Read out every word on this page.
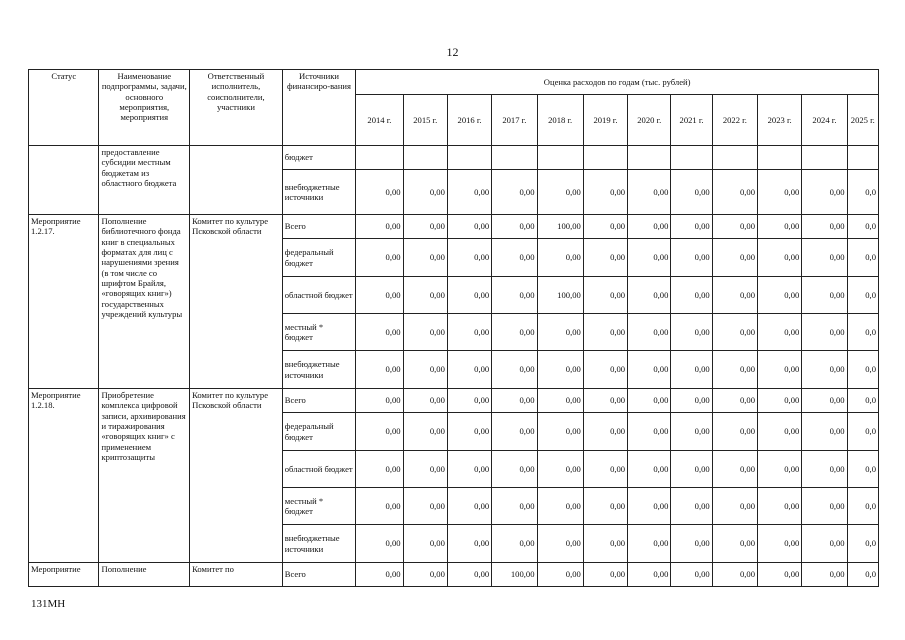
12
Статус	Наименование подпрограммы, задачи, основного мероприятия, мероприятия	Ответственный исполнитель, соисполнители, участники	Источники финансиро-вания	Оценка расходов по годам (тыс. рублей)											
				2014 г.	2015 г.	2016 г.	2017 г.	2018 г.	2019 г.	2020 г.	2021 г.	2022 г.	2023 г.	2024 г.	2025 г.
	предоставление субсидии местным бюджетам из областного бюджета		бюджет												
			внебюджетные источники	0,00	0,00	0,00	0,00	0,00	0,00	0,00	0,00	0,00	0,00	0,00	0,0
Мероприятие 1.2.17.	Пополнение библиотечного фонда книг в специальных форматах для лиц с нарушениями зрения (в том числе со шрифтом Брайля, «говорящих книг») государственных учреждений культуры	Комитет по культуре Псковской области	Всего	0,00	0,00	0,00	0,00	100,00	0,00	0,00	0,00	0,00	0,00	0,00	0,0
			федеральный бюджет	0,00	0,00	0,00	0,00	0,00	0,00	0,00	0,00	0,00	0,00	0,00	0,0
			областной бюджет	0,00	0,00	0,00	0,00	100,00	0,00	0,00	0,00	0,00	0,00	0,00	0,0
			местный * бюджет	0,00	0,00	0,00	0,00	0,00	0,00	0,00	0,00	0,00	0,00	0,00	0,0
			внебюджетные источники	0,00	0,00	0,00	0,00	0,00	0,00	0,00	0,00	0,00	0,00	0,00	0,0
Мероприятие 1.2.18.	Приобретение комплекса цифровой записи, архивирования и тиражирования «говорящих книг» с применением криптозащиты	Комитет по культуре Псковской области	Всего	0,00	0,00	0,00	0,00	0,00	0,00	0,00	0,00	0,00	0,00	0,00	0,0
			федеральный бюджет	0,00	0,00	0,00	0,00	0,00	0,00	0,00	0,00	0,00	0,00	0,00	0,0
			областной бюджет	0,00	0,00	0,00	0,00	0,00	0,00	0,00	0,00	0,00	0,00	0,00	0,0
			местный * бюджет	0,00	0,00	0,00	0,00	0,00	0,00	0,00	0,00	0,00	0,00	0,00	0,0
			внебюджетные источники	0,00	0,00	0,00	0,00	0,00	0,00	0,00	0,00	0,00	0,00	0,00	0,0
Мероприятие	Пополнение	Комитет по	Всего	0,00	0,00	0,00	100,00	0,00	0,00	0,00	0,00	0,00	0,00	0,00	0,0
131МН
